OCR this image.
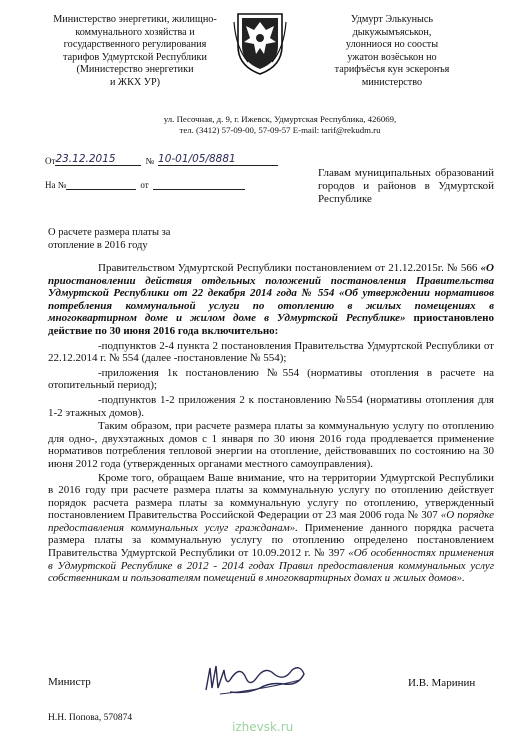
Министерство энергетики, жилищно-
коммунального хозяйства и
государственного регулирования
тарифов Удмуртской Республики
(Министерство энергетики
и ЖКХ УР)
Удмурт Элькунысь
дыкужымъяськон,
улонниося но соосты
ужатон возёськон но
тарифъёсъя кун эскеронъя
министерство
ул. Песочная, д. 9, г. Ижевск, Удмуртская Республика, 426069,
тел. (3412) 57-09-00, 57-09-57 E-mail: tarif@rekudm.ru
От 23.12.2015	№ 10-01/05/8881
На №	от
Главам муниципальных образований городов и районов в Удмуртской Республике
О расчете размера платы за отопление в 2016 году

Правительством Удмуртской Республики постановлением от 21.12.2015г. № 566 «О приостановлении действия отдельных положений постановления Правительства Удмуртской Республики от 22 декабря 2014 года № 554 «Об утверждении нормативов потребления коммунальной услуги по отоплению в жилых помещениях в многоквартирном доме и жилом доме в Удмуртской Республике» приостановлено действие по 30 июня 2016 года включительно:

-подпунктов 2-4 пункта 2 постановления Правительства Удмуртской Республики от 22.12.2014 г. № 554 (далее -постановление № 554);

-приложения 1к постановлению №554 (нормативы отопления в расчете на отопительный период);

-подпунктов 1-2 приложения 2 к постановлению №554 (нормативы отопления для 1-2 этажных домов).

Таким образом, при расчете размера платы за коммунальную услугу по отоплению для одно-, двухэтажных домов с 1 января по 30 июня 2016 года продлевается применение нормативов потребления тепловой энергии на отопление, действовавших по состоянию на 30 июня 2012 года (утвержденных органами местного самоуправления).

Кроме того, обращаем Ваше внимание, что на территории Удмуртской Республики в 2016 году при расчете размера платы за коммунальную услугу по отоплению действует порядок расчета размера платы за коммунальную услугу по отоплению, утвержденный постановлением Правительства Российской Федерации от 23 мая 2006 года № 307 «О порядке предоставления коммунальных услуг гражданам». Применение данного порядка расчета размера платы за коммунальную услугу по отоплению определено постановлением Правительства Удмуртской Республики от 10.09.2012 г. № 397 «Об особенностях применения в Удмуртской Республике в 2012 - 2014 годах Правил предоставления коммунальных услуг собственникам и пользователям помещений в многоквартирных домах и жилых домов».

Министр	И.В. Маринин
Н.Н. Попова, 570874
izhevsk.ru
